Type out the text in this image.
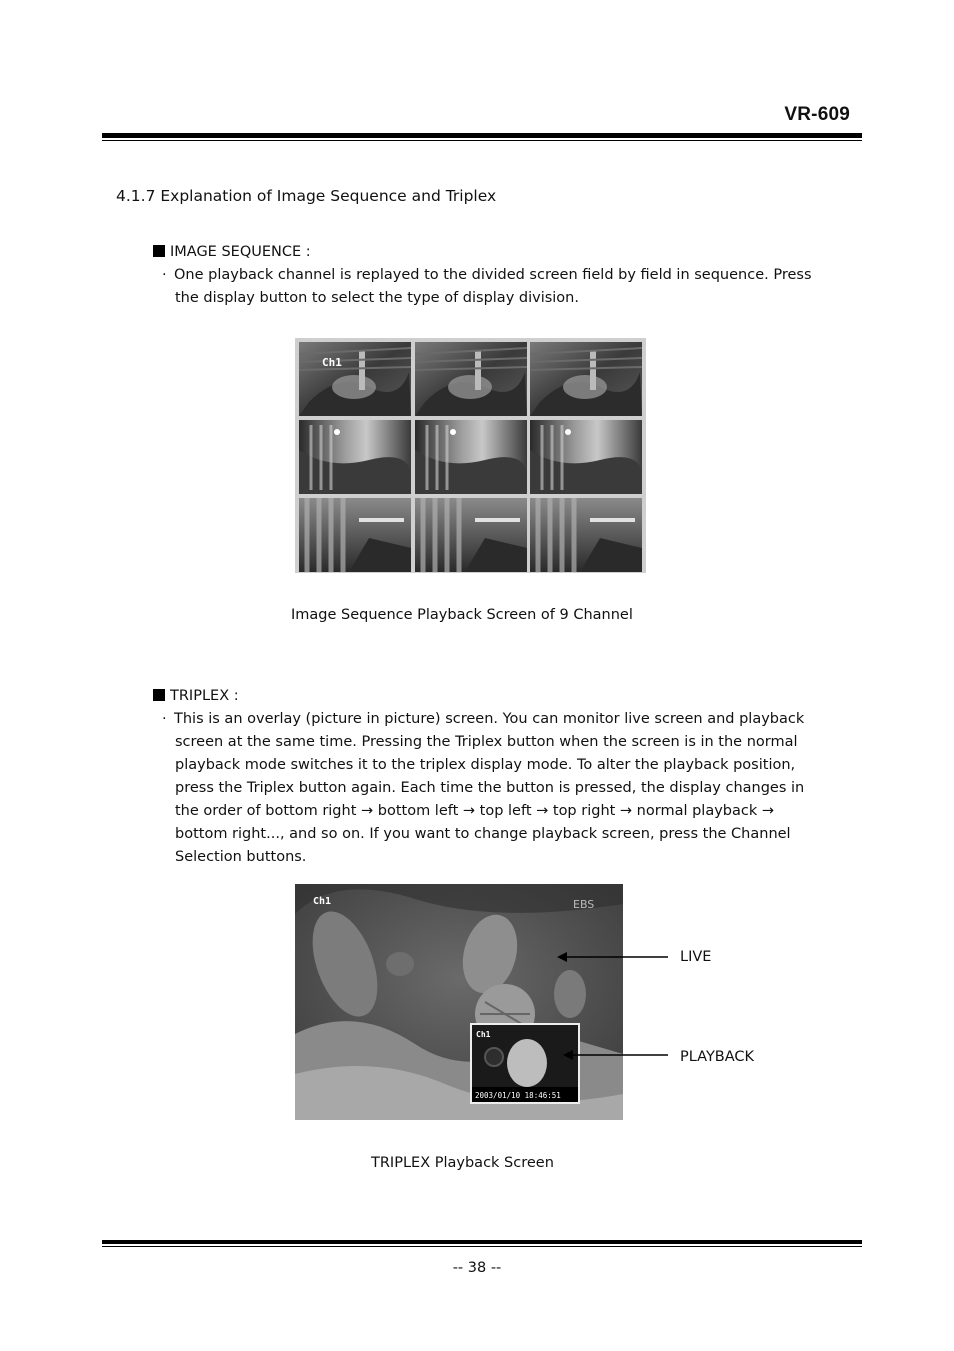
VR-609
4.1.7 Explanation of Image Sequence and Triplex
IMAGE SEQUENCE :
· One playback channel is replayed to the divided screen field by field in sequence. Press
the display button to select the type of display division.
Ch1
Image Sequence Playback Screen of 9 Channel
TRIPLEX :
· This is an overlay (picture in picture) screen. You can monitor live screen and playback
screen at the same time. Pressing the Triplex button when the screen is in the normal
playback mode switches it to the triplex display mode. To alter the playback position,
press the Triplex button again. Each time the button is pressed, the display changes in
the order of bottom right → bottom left → top left → top right → normal playback →
bottom right..., and so on. If you want to change playback screen, press the Channel
Selection buttons.
Ch1	EBS
Ch1
2003/01/10 18:46:51
LIVE
PLAYBACK
TRIPLEX Playback Screen
-- 38 --
